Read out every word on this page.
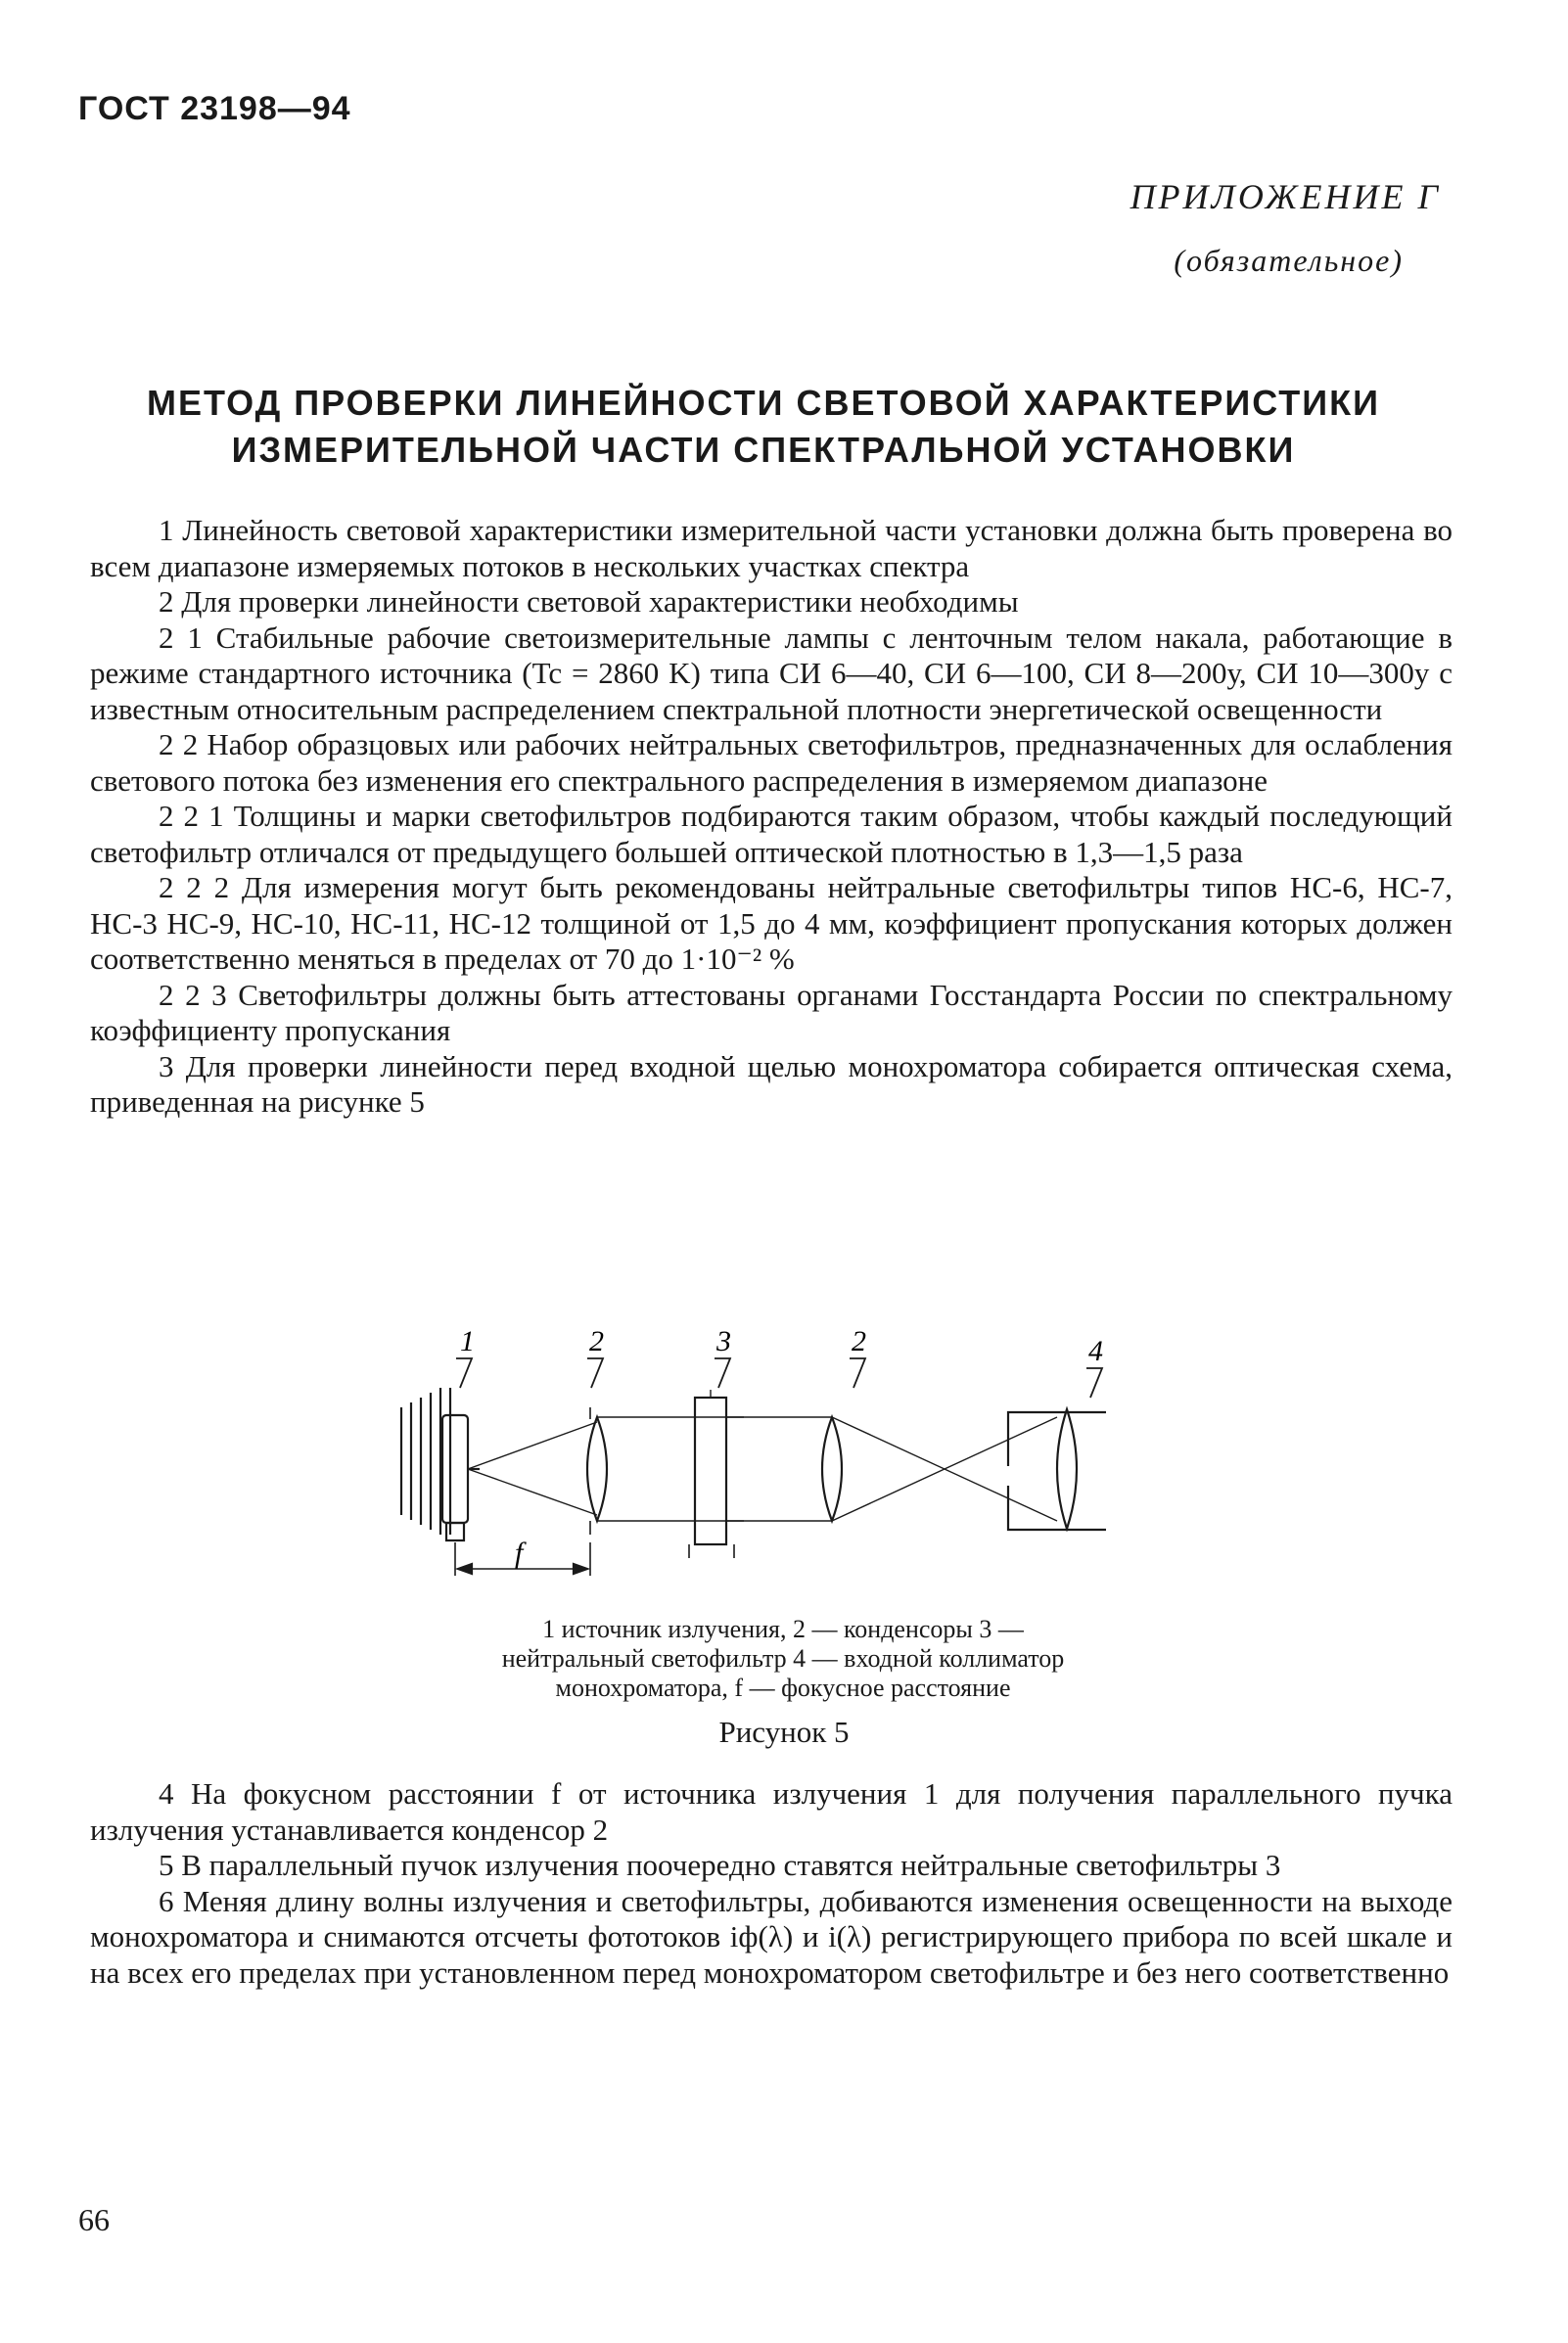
ГОСТ 23198—94
ПРИЛОЖЕНИЕ Г
(обязательное)
МЕТОД ПРОВЕРКИ ЛИНЕЙНОСТИ СВЕТОВОЙ ХАРАКТЕРИСТИКИ
ИЗМЕРИТЕЛЬНОЙ ЧАСТИ СПЕКТРАЛЬНОЙ УСТАНОВКИ

1 Линейность световой характеристики измерительной части установки должна быть проверена во всем диапазоне измеряемых потоков в нескольких участках спектра

2 Для проверки линейности световой характеристики необходимы

2 1 Стабильные рабочие светоизмерительные лампы с ленточным телом накала, работающие в режиме стандартного источника (Tc = 2860 K) типа СИ 6—40, СИ 6—100, СИ 8—200у, СИ 10—300у с известным относительным распределением спектральной плотности энергетической освещенности

2 2 Набор образцовых или рабочих нейтральных светофильтров, предназначенных для ослабления светового потока без изменения его спектрального распределения в измеряемом диапазоне

2 2 1 Толщины и марки светофильтров подбираются таким образом, чтобы каждый последующий светофильтр отличался от предыдущего большей оптической плотностью в 1,3—1,5 раза

2 2 2 Для измерения могут быть рекомендованы нейтральные светофильтры типов НС-6, НС-7, НС-3 НС-9, НС-10, НС-11, НС-12 толщиной от 1,5 до 4 мм, коэффициент пропускания которых должен соответственно меняться в пределах от 70 до 1·10⁻² %

2 2 3 Светофильтры должны быть аттестованы органами Госстандарта России по спектральному коэффициенту пропускания

3 Для проверки линейности перед входной щелью монохроматора собирается оптическая схема, приведенная на рисунке 5

1	2	3	2	4
f
1 источник излучения, 2 — конденсоры 3 —
нейтральный светофильтр 4 — входной коллиматор
монохроматора, f — фокусное расстояние
Рисунок 5

4 На фокусном расстоянии f от источника излучения 1 для получения параллельного пучка излучения устанавливается конденсор 2

5 В параллельный пучок излучения поочередно ставятся нейтральные светофильтры 3

6 Меняя длину волны излучения и светофильтры, добиваются изменения освещенности на выходе монохроматора и снимаются отсчеты фототоков iф(λ) и i(λ) регистрирующего прибора по всей шкале и на всех его пределах при установленном перед монохроматором светофильтре и без него соответственно

66
